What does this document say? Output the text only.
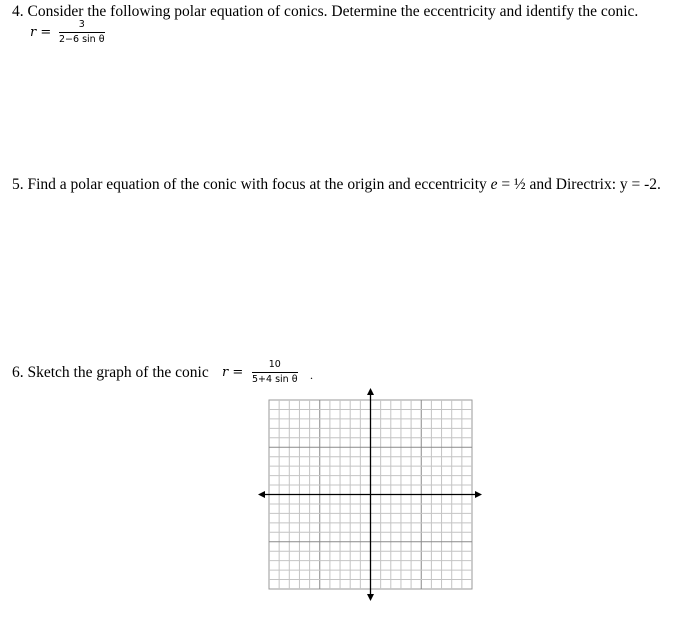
4. Consider the following polar equation of conics. Determine the eccentricity and identify the conic.
r =
3
2−6 sin θ
5. Find a polar equation of the conic with focus at the origin and eccentricity e = ½ and Directrix: y = -2.
6. Sketch the graph of the conic r =
10
5+4 sin θ .
